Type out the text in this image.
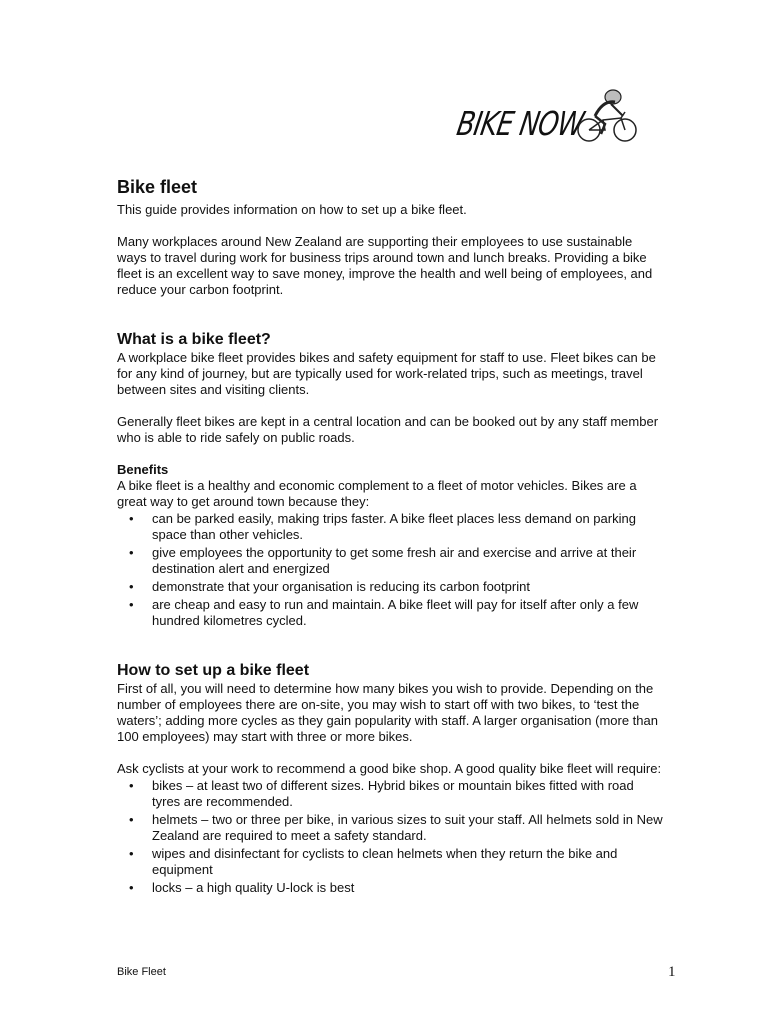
BIKE NOW
Bike fleet

This guide provides information on how to set up a bike fleet.

Many workplaces around New Zealand are supporting their employees to use sustainable ways to travel during work for business trips around town and lunch breaks. Providing a bike fleet is an excellent way to save money, improve the health and well being of employees, and reduce your carbon footprint.

What is a bike fleet?

A workplace bike fleet provides bikes and safety equipment for staff to use. Fleet bikes can be for any kind of journey, but are typically used for work-related trips, such as meetings, travel between sites and visiting clients.

Generally fleet bikes are kept in a central location and can be booked out by any staff member who is able to ride safely on public roads.

Benefits

A bike fleet is a healthy and economic complement to a fleet of motor vehicles. Bikes are a great way to get around town because they:

• can be parked easily, making trips faster. A bike fleet places less demand on parking space than other vehicles.
• give employees the opportunity to get some fresh air and exercise and arrive at their destination alert and energized
• demonstrate that your organisation is reducing its carbon footprint
• are cheap and easy to run and maintain. A bike fleet will pay for itself after only a few hundred kilometres cycled.
How to set up a bike fleet

First of all, you will need to determine how many bikes you wish to provide. Depending on the number of employees there are on-site, you may wish to start off with two bikes, to ‘test the waters’; adding more cycles as they gain popularity with staff. A larger organisation (more than 100 employees) may start with three or more bikes.

Ask cyclists at your work to recommend a good bike shop. A good quality bike fleet will require:

• bikes – at least two of different sizes. Hybrid bikes or mountain bikes fitted with road tyres are recommended.
• helmets – two or three per bike, in various sizes to suit your staff. All helmets sold in New Zealand are required to meet a safety standard.
• wipes and disinfectant for cyclists to clean helmets when they return the bike and equipment
• locks – a high quality U-lock is best
Bike Fleet	1
